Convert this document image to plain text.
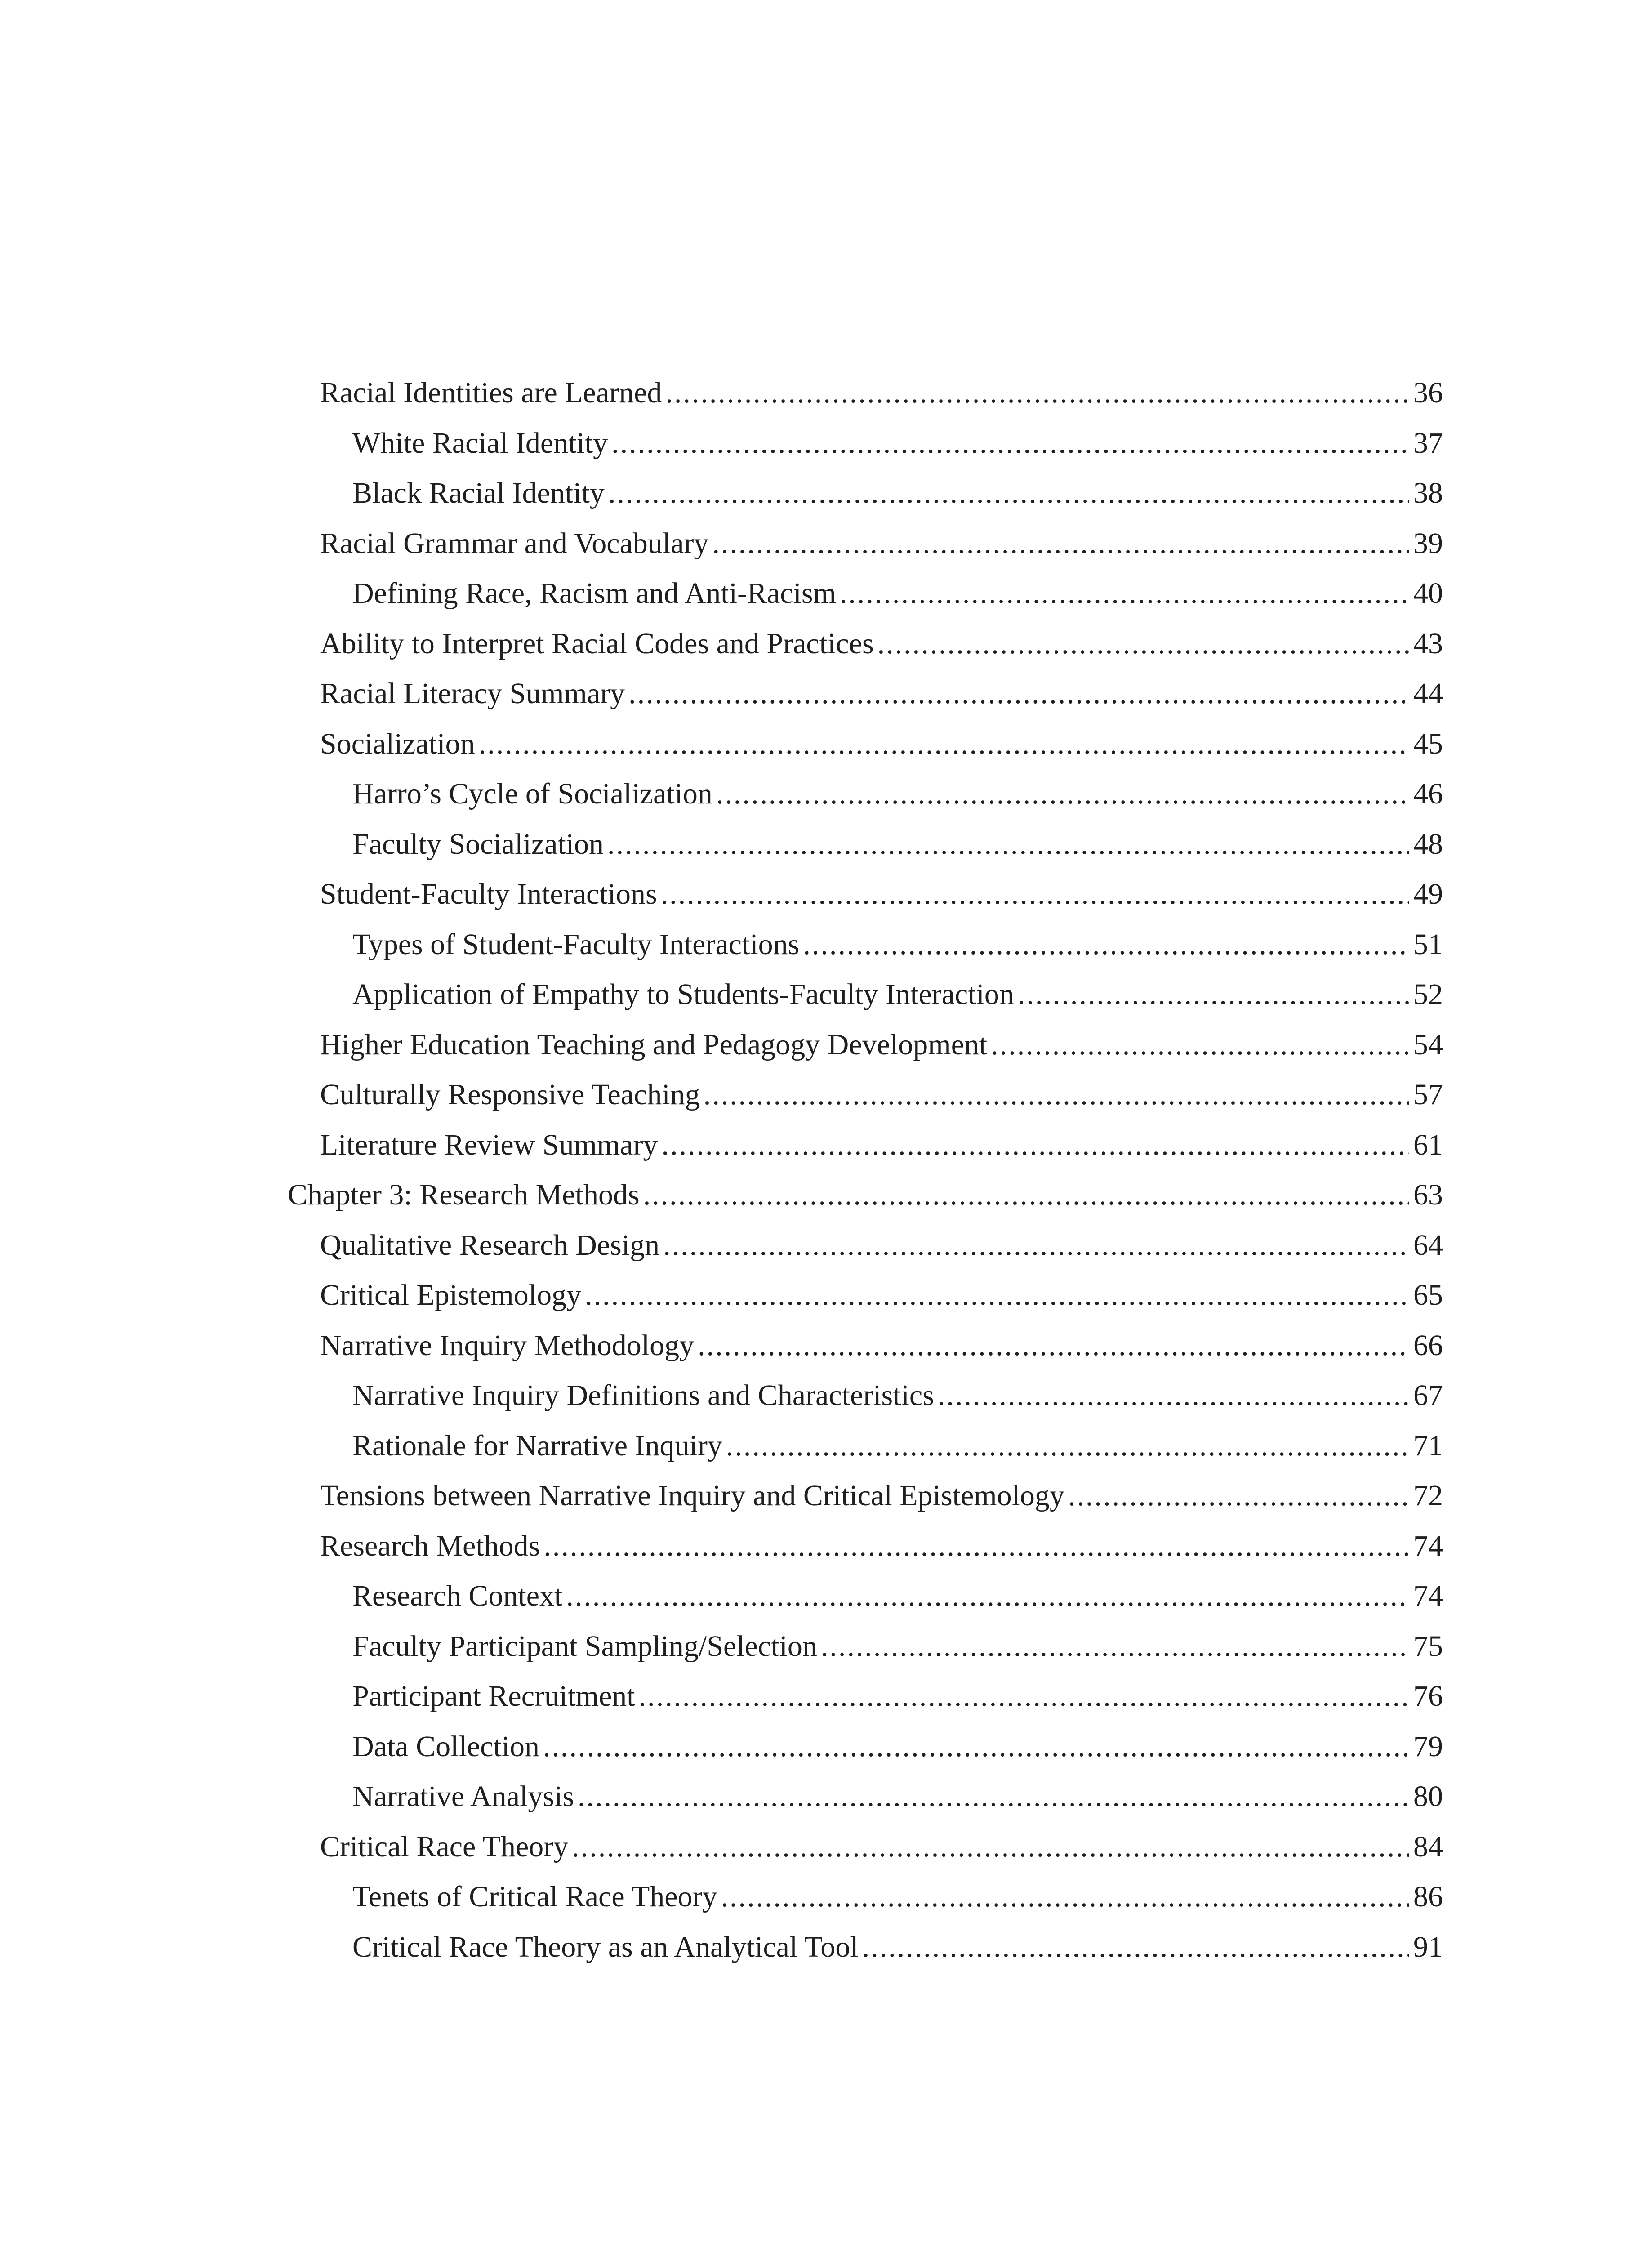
Racial Identities are Learned .....	36
White Racial Identity .....	37
Black Racial Identity .....	38
Racial Grammar and Vocabulary .....	39
Defining Race, Racism and Anti-Racism .....	40
Ability to Interpret Racial Codes and Practices .....	43
Racial Literacy Summary .....	44
Socialization .....	45
Harro’s Cycle of Socialization .....	46
Faculty Socialization .....	48
Student-Faculty Interactions .....	49
Types of Student-Faculty Interactions .....	51
Application of Empathy to Students-Faculty Interaction .....	52
Higher Education Teaching and Pedagogy Development .....	54
Culturally Responsive Teaching .....	57
Literature Review Summary .....	61
Chapter 3: Research Methods .....	63
Qualitative Research Design .....	64
Critical Epistemology .....	65
Narrative Inquiry Methodology .....	66
Narrative Inquiry Definitions and Characteristics .....	67
Rationale for Narrative Inquiry .....	71
Tensions between Narrative Inquiry and Critical Epistemology .....	72
Research Methods .....	74
Research Context .....	74
Faculty Participant Sampling/Selection .....	75
Participant Recruitment .....	76
Data Collection .....	79
Narrative Analysis .....	80
Critical Race Theory .....	84
Tenets of Critical Race Theory .....	86
Critical Race Theory as an Analytical Tool .....	91
